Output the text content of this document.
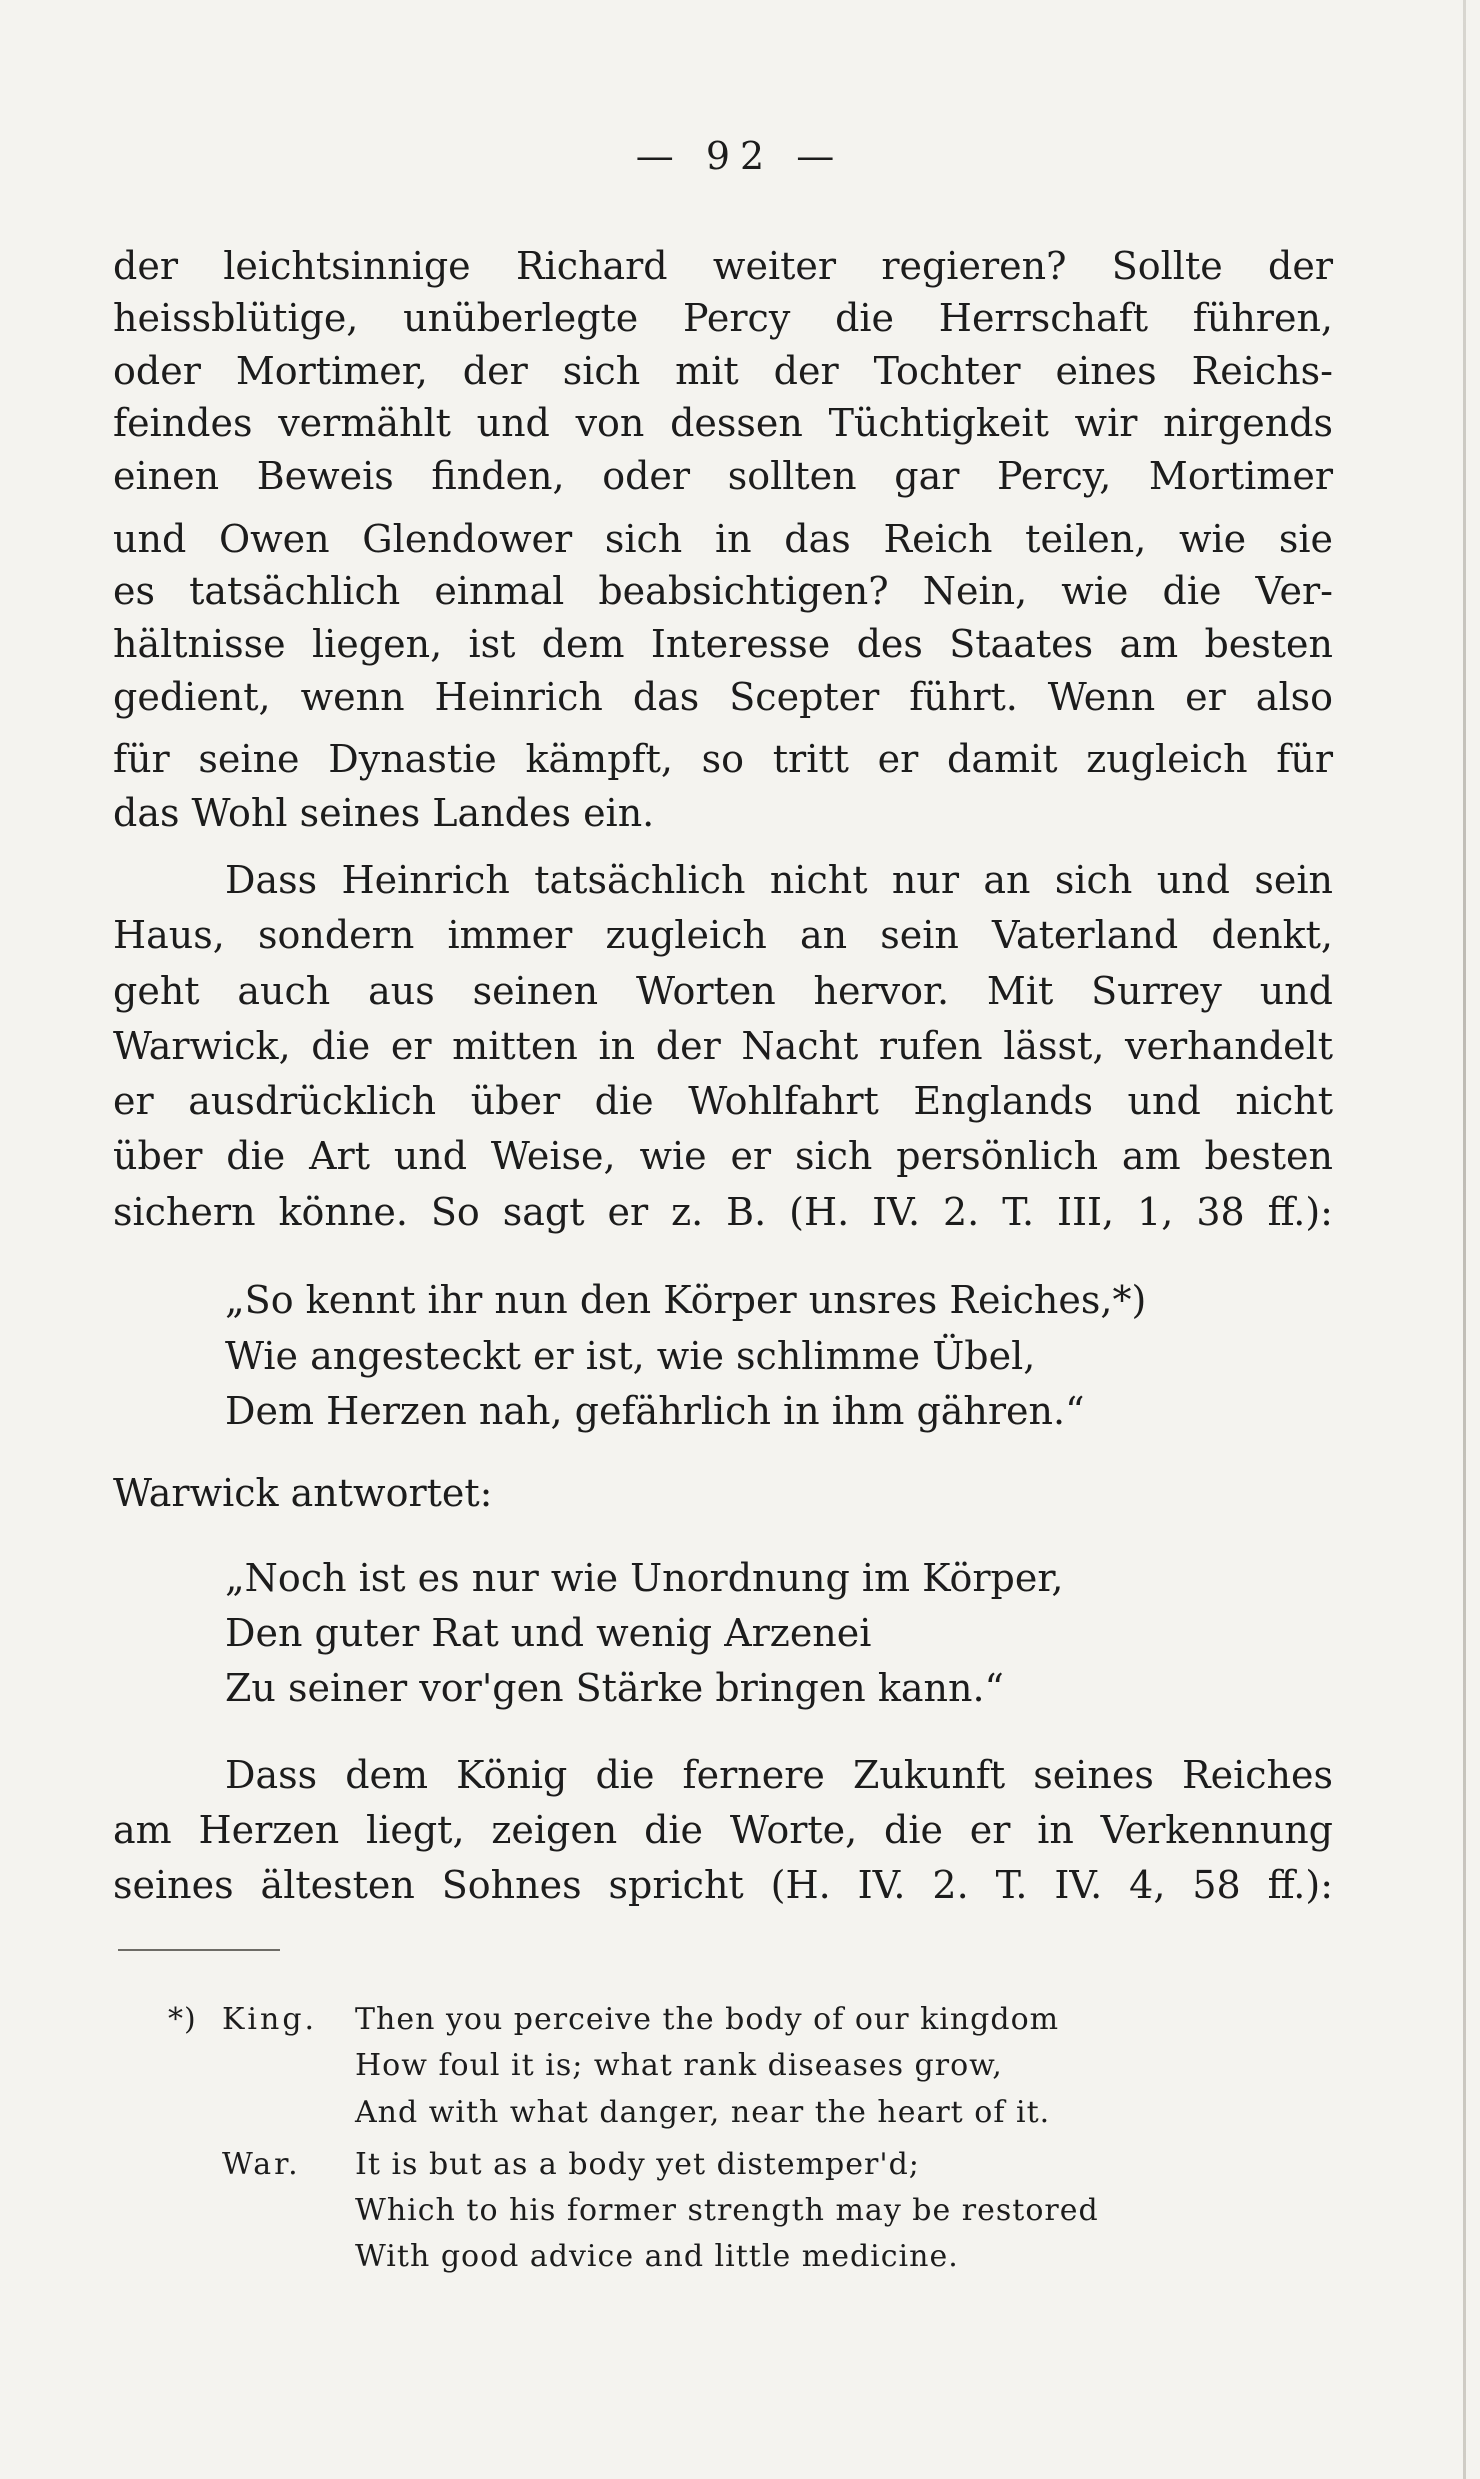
— 92 —
der leichtsinnige Richard weiter regieren? Sollte der
heissblütige, unüberlegte Percy die Herrschaft führen,
oder Mortimer, der sich mit der Tochter eines Reichs-
feindes vermählt und von dessen Tüchtigkeit wir nirgends
einen Beweis finden, oder sollten gar Percy, Mortimer
und Owen Glendower sich in das Reich teilen, wie sie
es tatsächlich einmal beabsichtigen? Nein, wie die Ver-
hältnisse liegen, ist dem Interesse des Staates am besten
gedient, wenn Heinrich das Scepter führt. Wenn er also
für seine Dynastie kämpft, so tritt er damit zugleich für
das Wohl seines Landes ein.
Dass Heinrich tatsächlich nicht nur an sich und sein
Haus, sondern immer zugleich an sein Vaterland denkt,
geht auch aus seinen Worten hervor. Mit Surrey und
Warwick, die er mitten in der Nacht rufen lässt, verhandelt
er ausdrücklich über die Wohlfahrt Englands und nicht
über die Art und Weise, wie er sich persönlich am besten
sichern könne. So sagt er z. B. (H. IV. 2. T. III, 1, 38 ff.):
„So kennt ihr nun den Körper unsres Reiches,*)
Wie angesteckt er ist, wie schlimme Übel,
Dem Herzen nah, gefährlich in ihm gähren.“
Warwick antwortet:
„Noch ist es nur wie Unordnung im Körper,
Den guter Rat und wenig Arzenei
Zu seiner vor'gen Stärke bringen kann.“
Dass dem König die fernere Zukunft seines Reiches
am Herzen liegt, zeigen die Worte, die er in Verkennung
seines ältesten Sohnes spricht (H. IV. 2. T. IV. 4, 58 ff.):
*) King. Then you perceive the body of our kingdom
How foul it is; what rank diseases grow,
And with what danger, near the heart of it.
War. It is but as a body yet distemper'd;
Which to his former strength may be restored
With good advice and little medicine.
